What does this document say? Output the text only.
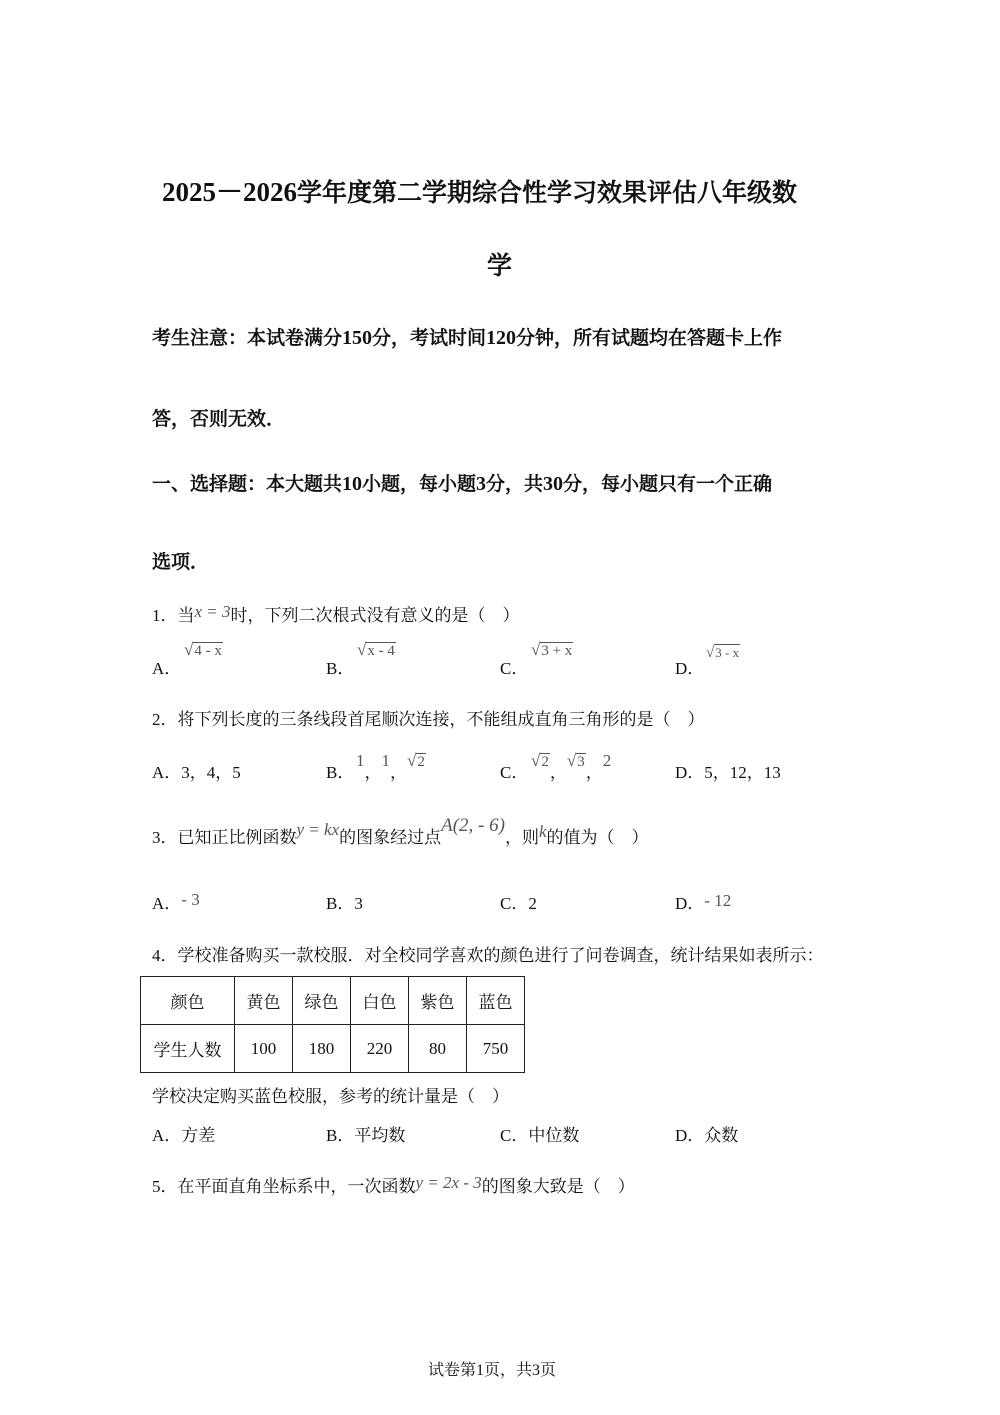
2025－2026学年度第二学期综合性学习效果评估八年级数
学
考生注意：本试卷满分150分，考试时间120分钟，所有试题均在答题卡上作
答，否则无效．
一、选择题：本大题共10小题，每小题3分，共30分，每小题只有一个正确
选项．
1．当x = 3时，下列二次根式没有意义的是（　）
A．
√4 - x
B．
√x - 4
C．
√3 + x
D．
√3 - x
2．将下列长度的三条线段首尾顺次连接，不能组成直角三角形的是（　）
A．3，4，5	B．
1，1，√2
C．
√2，√3，2
D．5，12，13
3．已知正比例函数y = kx的图象经过点A(2, - 6)，则k的值为（　）
A．- 3	B．3	C．2	D．- 12
4．学校准备购买一款校服．对全校同学喜欢的颜色进行了问卷调查，统计结果如表所示：
颜色	黄色	绿色	白色	紫色	蓝色
学生人数	100	180	220	80	750
学校决定购买蓝色校服，参考的统计量是（　）
A．方差	B．平均数	C．中位数	D．众数
5．在平面直角坐标系中，一次函数y = 2x - 3的图象大致是（　）
试卷第1页，共3页
